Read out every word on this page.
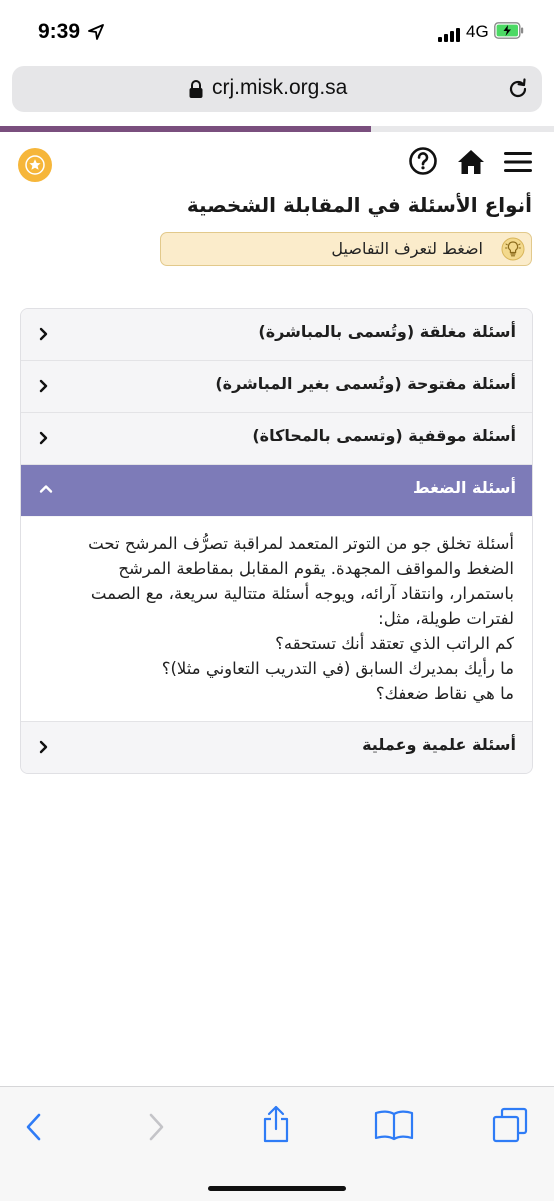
9:39	4G
crj.misk.org.sa
أنواع الأسئلة في المقابلة الشخصية
اضغط لتعرف التفاصيل
أسئلة مغلقة (وتُسمى بالمباشرة)
أسئلة مفتوحة (وتُسمى بغير المباشرة)
أسئلة موقفية (وتسمى بالمحاكاة)
أسئلة الضغط
أسئلة تخلق جو من التوتر المتعمد لمراقبة تصرُّف المرشح تحت
الضغط والمواقف المجهدة. يقوم المقابل بمقاطعة المرشح
باستمرار، وانتقاد آرائه، ويوجه أسئلة متتالية سريعة، مع الصمت
لفترات طويلة، مثل:
كم الراتب الذي تعتقد أنك تستحقه؟
ما رأيك بمديرك السابق (في التدريب التعاوني مثلا)؟
ما هي نقاط ضعفك؟
أسئلة علمية وعملية
